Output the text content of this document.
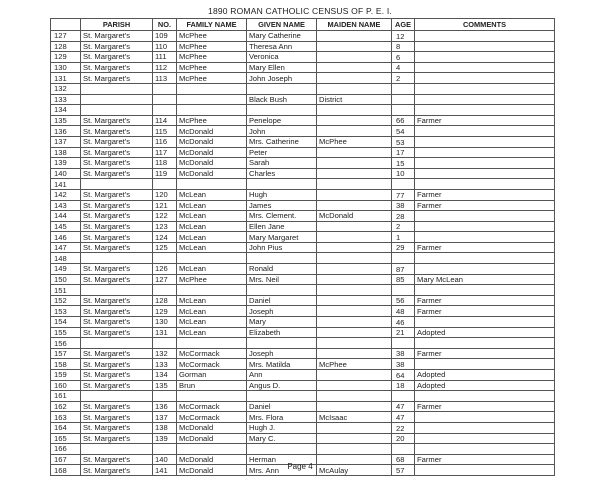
1890 ROMAN CATHOLIC CENSUS OF P. E. I.
	PARISH	NO.	FAMILY NAME	GIVEN NAME	MAIDEN NAME	AGE	COMMENTS
127	St. Margaret's	109	McPhee	Mary Catherine		12	
128	St. Margaret's	110	McPhee	Theresa Ann		8	
129	St. Margaret's	111	McPhee	Veronica		6	
130	St. Margaret's	112	McPhee	Mary Ellen		4	
131	St. Margaret's	113	McPhee	John Joseph		2	
132							
133				Black Bush	District		
134							
135	St. Margaret's	114	McPhee	Penelope		66	Farmer
136	St. Margaret's	115	McDonald	John		54	
137	St. Margaret's	116	McDonald	Mrs. Catherine	McPhee	53	
138	St. Margaret's	117	McDonald	Peter		17	
139	St. Margaret's	118	McDonald	Sarah		15	
140	St. Margaret's	119	McDonald	Charles		10	
141							
142	St. Margaret's	120	McLean	Hugh		77	Farmer
143	St. Margaret's	121	McLean	James		38	Farmer
144	St. Margaret's	122	McLean	Mrs. Clement.	McDonald	28	
145	St. Margaret's	123	McLean	Ellen Jane		2	
146	St. Margaret's	124	McLean	Mary Margaret		1	
147	St. Margaret's	125	McLean	John Pius		29	Farmer
148							
149	St. Margaret's	126	McLean	Ronald		87	
150	St. Margaret's	127	McPhee	Mrs. Neil		85	Mary McLean
151							
152	St. Margaret's	128	McLean	Daniel		56	Farmer
153	St. Margaret's	129	McLean	Joseph		48	Farmer
154	St. Margaret's	130	McLean	Mary		46	
155	St. Margaret's	131	McLean	Elizabeth		21	Adopted
156							
157	St. Margaret's	132	McCormack	Joseph		38	Farmer
158	St. Margaret's	133	McCormack	Mrs. Matilda	McPhee	38	
159	St. Margaret's	134	Gorman	Ann		64	Adopted
160	St. Margaret's	135	Brun	Angus D.		18	Adopted
161							
162	St. Margaret's	136	McCormack	Daniel		47	Farmer
163	St. Margaret's	137	McCormack	Mrs. Flora	McIsaac	47	
164	St. Margaret's	138	McDonald	Hugh J.		22	
165	St. Margaret's	139	McDonald	Mary C.		20	
166							
167	St. Margaret's	140	McDonald	Herman		68	Farmer
168	St. Margaret's	141	McDonald	Mrs. Ann	McAulay	57	
Page 4
